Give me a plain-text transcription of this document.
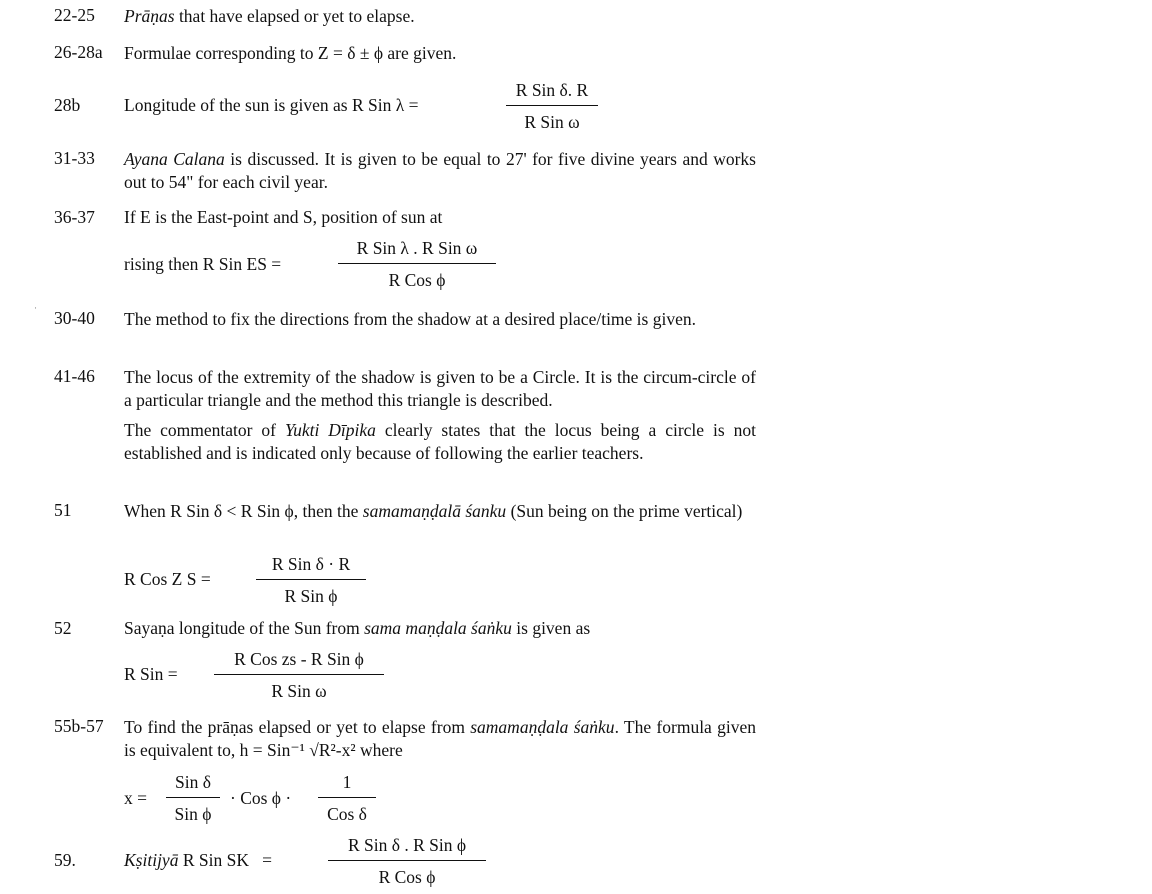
22-25 Prāṇas that have elapsed or yet to elapse.
26-28a Formulae corresponding to Z = δ ± ϕ are given.
28b	Longitude of the sun is given as R Sin λ =
R Sin δ. R
R Sin ω
31-33 Ayana Calana is discussed. It is given to be equal to 27' for five divine years and works out to 54" for each civil year.
36-37 If E is the East-point and S, position of sun at
rising then R Sin ES =
R Sin λ . R Sin ω
R Cos ϕ
· 30-40 The method to fix the directions from the shadow at a desired place/time is given.
41-46 The locus of the extremity of the shadow is given to be a Circle. It is the circum-circle of a particular triangle and the method this triangle is described.
The commentator of Yukti Dīpika clearly states that the locus being a circle is not established and is indicated only because of following the earlier teachers.
51	When R Sin δ < R Sin ϕ, then the samamaṇḍalā śanku (Sun being on the prime vertical)
R Cos Z S =
R Sin δ · R
R Sin ϕ
52	Sayaṇa longitude of the Sun from sama maṇḍala śaṅku is given as
R Sin =
R Cos zs - R Sin ϕ
R Sin ω
55b-57 To find the prāṇas elapsed or yet to elapse from samamaṇḍala śaṅku. The formula given is equivalent to, h = Sin⁻¹ √R²-x² where
x =
Sin δ
Sin ϕ
· Cos ϕ ·
1
Cos δ
59.	Kṣitijyā R Sin SK   =
R Sin δ . R Sin ϕ
R Cos ϕ
